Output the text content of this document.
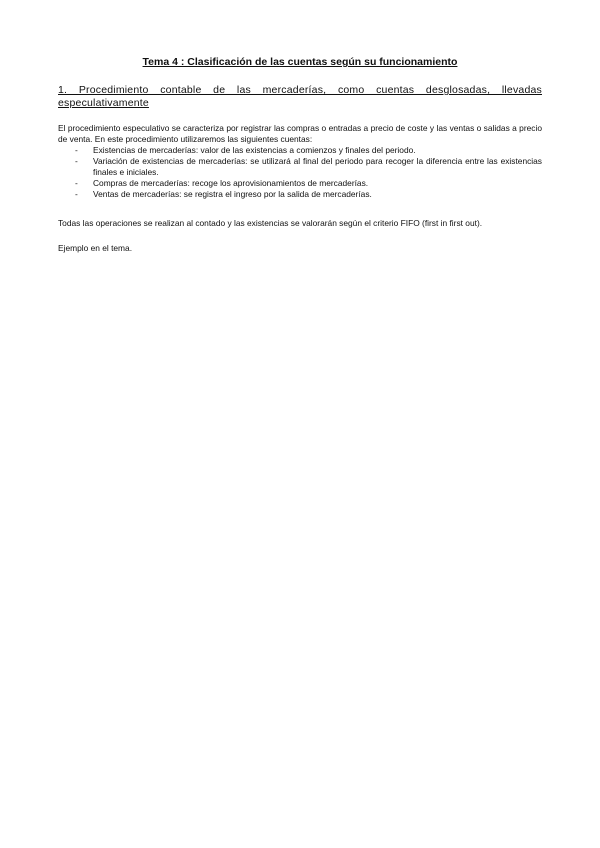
Tema 4 : Clasificación de las cuentas según su funcionamiento
1. Procedimiento contable de las mercaderías, como cuentas desglosadas, llevadas especulativamente
El procedimiento especulativo se caracteriza por registrar las compras o entradas a precio de coste y las ventas o salidas a precio de venta. En este procedimiento utilizaremos las siguientes cuentas:
- Existencias de mercaderías: valor de las existencias a comienzos y finales del periodo.
- Variación de existencias de mercaderías: se utilizará al final del periodo para recoger la diferencia entre las existencias finales e iniciales.
- Compras de mercaderías: recoge los aprovisionamientos de mercaderías.
- Ventas de mercaderías: se registra el ingreso por la salida de mercaderías.
Todas las operaciones se realizan al contado y las existencias se valorarán según el criterio FIFO (first in first out).
Ejemplo en el tema.
